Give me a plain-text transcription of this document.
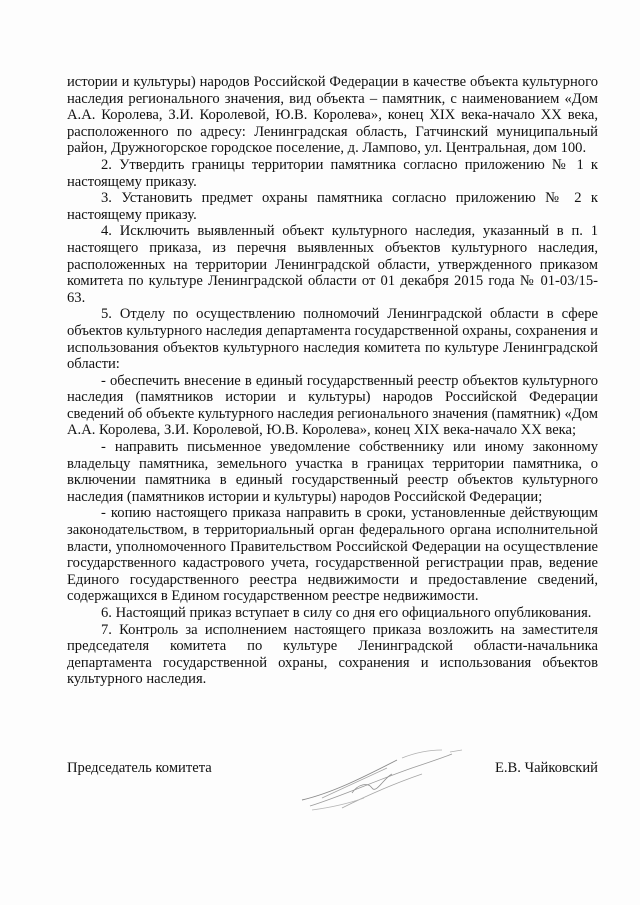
истории и культуры) народов Российской Федерации в качестве объекта культурного наследия регионального значения, вид объекта – памятник, с наименованием «Дом А.А. Королева, З.И. Королевой, Ю.В. Королева», конец XIX века-начало XX века, расположенного по адресу: Ленинградская область, Гатчинский муниципальный район, Дружногорское городское поселение, д. Лампово, ул. Центральная, дом 100.

2. Утвердить границы территории памятника согласно приложению № 1 к настоящему приказу.

3. Установить предмет охраны памятника согласно приложению № 2 к настоящему приказу.

4. Исключить выявленный объект культурного наследия, указанный в п. 1 настоящего приказа, из перечня выявленных объектов культурного наследия, расположенных на территории Ленинградской области, утвержденного приказом комитета по культуре Ленинградской области от 01 декабря 2015 года № 01-03/15-63.

5. Отделу по осуществлению полномочий Ленинградской области в сфере объектов культурного наследия департамента государственной охраны, сохранения и использования объектов культурного наследия комитета по культуре Ленинградской области:

- обеспечить внесение в единый государственный реестр объектов культурного наследия (памятников истории и культуры) народов Российской Федерации сведений об объекте культурного наследия регионального значения (памятник) «Дом А.А. Королева, З.И. Королевой, Ю.В. Королева», конец XIX века-начало XX века;

- направить письменное уведомление собственнику или иному законному владельцу памятника, земельного участка в границах территории памятника, о включении памятника в единый государственный реестр объектов культурного наследия (памятников истории и культуры) народов Российской Федерации;

- копию настоящего приказа направить в сроки, установленные действующим законодательством, в территориальный орган федерального органа исполнительной власти, уполномоченного Правительством Российской Федерации на осуществление государственного кадастрового учета, государственной регистрации прав, ведение Единого государственного реестра недвижимости и предоставление сведений, содержащихся в Едином государственном реестре недвижимости.

6. Настоящий приказ вступает в силу со дня его официального опубликования.

7. Контроль за исполнением настоящего приказа возложить на заместителя председателя комитета по культуре Ленинградской области-начальника департамента государственной охраны, сохранения и использования объектов культурного наследия.

Председатель комитета	Е.В. Чайковский
